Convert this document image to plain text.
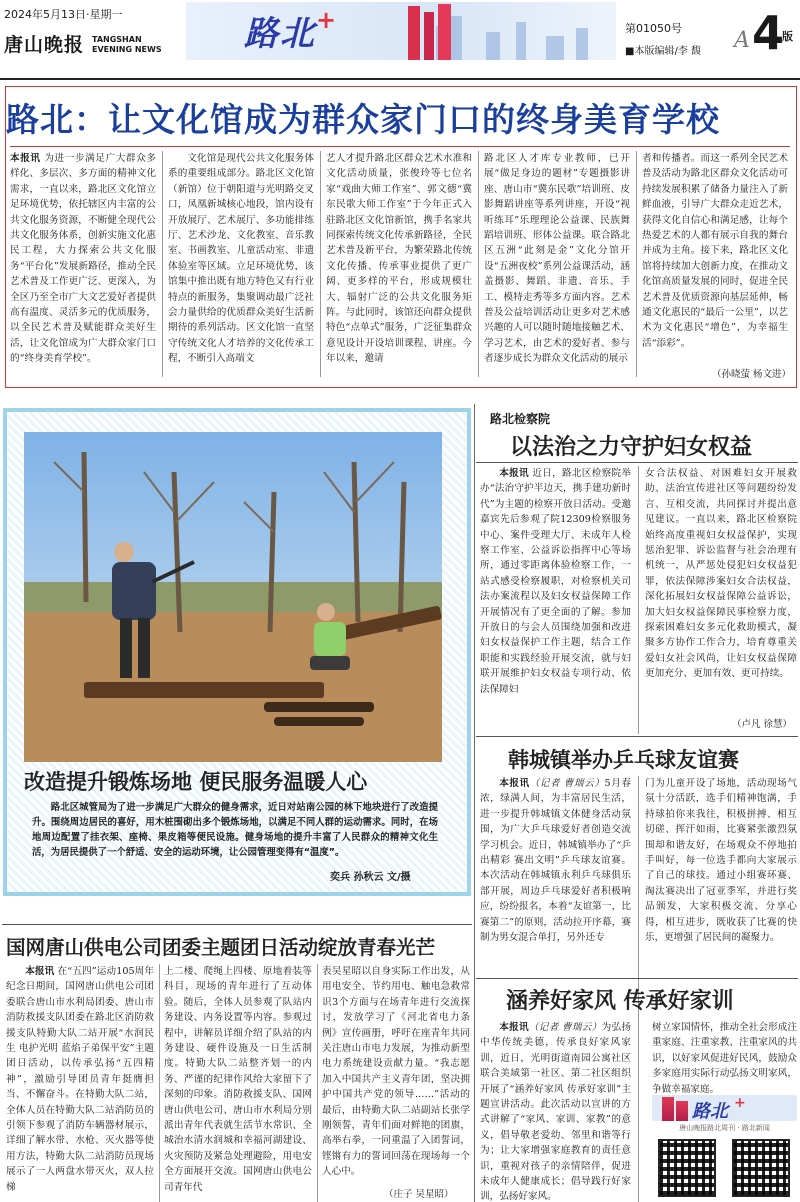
2024年5月13日·星期一
唐山晚报 TANGSHAN
EVENING NEWS 路北+	第01050号
■本版编辑/李 馥 A 4
版
路北：让文化馆成为群众家门口的终身美育学校
本报讯 为进一步满足广大群众多样化、多层次、多方面的精神文化需求，一直以来，路北区文化馆立足环境优势，依托辖区内丰富的公共文化服务资源，不断健全现代公共文化服务体系，创新实施文化惠民工程，大力探索公共文化服务“平台化”发展新路径，推动全民艺术普及工作更广泛、更深入，为全区乃至全市广大文艺爱好者提供高有温度、灵活多元的优质服务，以全民艺术普及赋能群众美好生活，让文化馆成为广大群众家门口的“终身美育学校”。
文化馆是现代公共文化服务体系的重要组成部分。路北区文化馆（新馆）位于朝阳道与光明路交叉口，凤凰新城核心地段，馆内设有开放展厅、艺术展厅、多功能排练厅、艺术沙龙、文化教室、音乐教室、书画教室、儿童活动室、非遗体验室等区域。立足环境优势，该馆集中推出既有地方特色又有行业特点的新服务，集聚调动最广泛社会力量供给的优质群众美好生活新期待的系列活动。区文化馆一直坚守传统文化人才培养的文化传承工程，不断引入高端文
艺人才提升路北区群众艺术水准和文化活动质量，张俊玲等七位名家“戏曲大师工作室”、郭文德“冀东民歌大师工作室”于今年正式入驻路北区文化馆新馆，携手名家共同探索传统文化传承新路径，全民艺术普及新平台，为繁荣路北传统文化传播、传承事业提供了更广阔、更多样的平台，形成规模壮大、辐射广泛的公共文化服务矩阵。与此同时，该馆还向群众提供特色“点单式”服务，广泛征集群众意见设计开设培训课程、讲座。今年以来，邀请
路北区人才库专业教师，已开展“做足身边的题材”专题摄影讲座、唐山市“冀东民歌”培训班、皮影舞蹈讲座等系列讲座，开设“视听练耳”乐理理论公益课、民族舞蹈培训班、形体公益课。联合路北区五洲“此刻是金”文化分馆开设“五洲夜校”系列公益课活动，涵盖摄影、舞蹈、非遗、音乐、手工、模特走秀等多方面内容。艺术普及公益培训活动让更多对艺术感兴趣的人可以随时随地接触艺术、学习艺术，由艺术的爱好者、参与者逐步成长为群众文化活动的展示
者和传播者。而这一系列全民艺术普及活动为路北区群众文化活动可持续发展积累了储备力量注入了新鲜血液，引导广大群众走近艺术，获得文化自信心和满足感，让每个热爱艺术的人都有展示自我的舞台并成为主角。接下来，路北区文化馆将持续加大创新力度，在推动文化馆高质量发展的同时，促进全民艺术普及优质资源向基层延伸，畅通文化惠民的“最后一公里”，以艺术为文化惠民“增色”，为幸福生活“添彩”。
（孙晓萤 杨文进）
改造提升锻炼场地 便民服务温暖人心
路北区城管局为了进一步满足广大群众的健身需求，近日对站南公园的林下地块进行了改造提升。围绕周边居民的喜好，用木桩围砌出多个锻炼场地，以满足不同人群的运动需求。同时，在场地周边配置了挂衣架、座椅、果皮箱等便民设施。健身场地的提升丰富了人民群众的精神文化生活，为居民提供了一个舒适、安全的运动环境，让公园管理变得有“温度”。
奕兵 孙秋云 文/摄
路北检察院
以法治之力守护妇女权益
本报讯 近日，路北区检察院举办“法治守护半边天，携手建功新时代”为主题的检察开放日活动。受邀嘉宾先后参观了院12309检察服务中心、案件受理大厅、未成年人检察工作室、公益诉讼指挥中心等场所，通过零距离体验检察工作，一站式感受检察履职，对检察机关司法办案流程以及妇女权益保障工作开展情况有了更全面的了解。参加开放日的与会人员围绕加强和改进妇女权益保护工作主题，结合工作职能和实践经验开展交流，就与妇联开展维护妇女权益专项行动、依法保障妇
女合法权益、对困难妇女开展救助、法治宣传进社区等问题纷纷发言、互相交流，共同探讨并提出意见建议。一直以来，路北区检察院始终高度重视妇女权益保护，实现惩治犯罪、诉讼监督与社会治理有机统一，从严惩处侵犯妇女权益犯罪，依法保障涉案妇女合法权益，深化拓展妇女权益保障公益诉讼，加大妇女权益保障民事检察力度，探索困难妇女多元化救助模式，凝聚多方协作工作合力，培育尊重关爱妇女社会风尚，让妇女权益保障更加充分、更加有效、更可持续。
（卢凡 徐慧）
韩城镇举办乒乓球友谊赛
本报讯（记者 曹瑞云）5月春浓，绿满人间，为丰富居民生活，进一步提升韩城镇文体健身活动氛围，为广大乒乓球爱好者创造交流学习机会。近日，韩城镇举办了“乒出精彩 赛出文明”乒乓球友谊赛。本次活动在韩城镇永利乒乓球俱乐部开展，周边乒乓球爱好者积极响应，纷纷报名，本着“友谊第一，比赛第二”的原则，活动拉开序幕，赛制为男女混合单打，另外还专
门为儿童开设了场地，活动现场气氛十分活跃，选手们精神饱满，手持球拍你来我往，积极拼搏、相互切磋、挥汗如雨，比赛紧张激烈氛围却和谐友好，在场观众不停地拍手叫好，每一位选手都向大家展示了自己的球技。通过小组赛环赛、淘汰赛决出了冠亚季军，并进行奖品颁发，大家积极交流、分享心得，相互进步，既收获了比赛的快乐，更增强了居民间的凝聚力。
涵养好家风 传承好家训
本报讯（记者 曹瑞云）为弘扬中华传统美德，传承良好家风家训，近日，光明街道南园公寓社区联合美域第一社区、第二社区组织开展了“涵养好家风 传承好家训”主题宣讲活动。此次活动以宣讲的方式讲解了“家风、家训、家教”的意义，倡导敬老爱幼、邻里和谐等行为；让大家增强家庭教育的责任意识，重视对孩子的亲情陪伴，促进未成年人健康成长；倡导践行好家训，弘扬好家风。
树立家国情怀，推动全社会形成注重家庭、注重家教、注重家风的共识，以好家风促进好民风，鼓励众多家庭用实际行动弘扬文明家风，争做幸福家庭。
路北 +
唐山晚报路北周刊 · 路北新闻
国网唐山供电公司团委主题团日活动绽放青春光芒
本报讯 在“五四”运动105周年纪念日期间，国网唐山供电公司团委联合唐山市水利局团委、唐山市消防救援支队团委在路北区消防救援支队特勤大队二站开展“水润民生 电护光明 蓝焰子弟保平安”主题团日活动，以传承弘扬“五四精神”，激励引导团员青年挺膺担当、不懈奋斗。在特勤大队二站，全体人员在特勤大队二站消防员的引领下参观了消防车辆器材展示，详细了解水带、水枪、灭火器等使用方法，特勤大队二站消防员现场展示了一人两盘水带灭火，双人拉梯
上二楼、爬绳上四楼、原地着装等科目，现场的青年进行了互动体验。随后，全体人员参观了队站内务建设、内务设置等内容。参观过程中，讲解员详细介绍了队站的内务建设、硬件设施及一日生活制度。特勤大队二站整齐划一的内务、严谨的纪律作风给大家留下了深刻的印象。消防救援支队、国网唐山供电公司、唐山市水利局分别派出青年代表就生活节水常识、全城治水清水润城和幸福河湖建设、火灾预防及紧急处理避险，用电安全方面展开交流。国网唐山供电公司青年代
表吴星昭以自身实际工作出发，从用电安全、节约用电、触电急救常识3个方面与在场青年进行交流探讨，发放学习了《河北省电力条例》宣传画册，呼吁在座青年共同关注唐山市电力发展，为推动新型电力系统建设贡献力量。“我志愿加入中国共产主义青年团，坚决拥护中国共产党的领导……”活动的最后，由特勤大队二站副站长张学刚领誓，青年们面对鲜艳的团旗，高举右拳，一同重温了入团誓词，铿锵有力的誓词回荡在现场每一个人心中。
（庄子 吴星昭）
